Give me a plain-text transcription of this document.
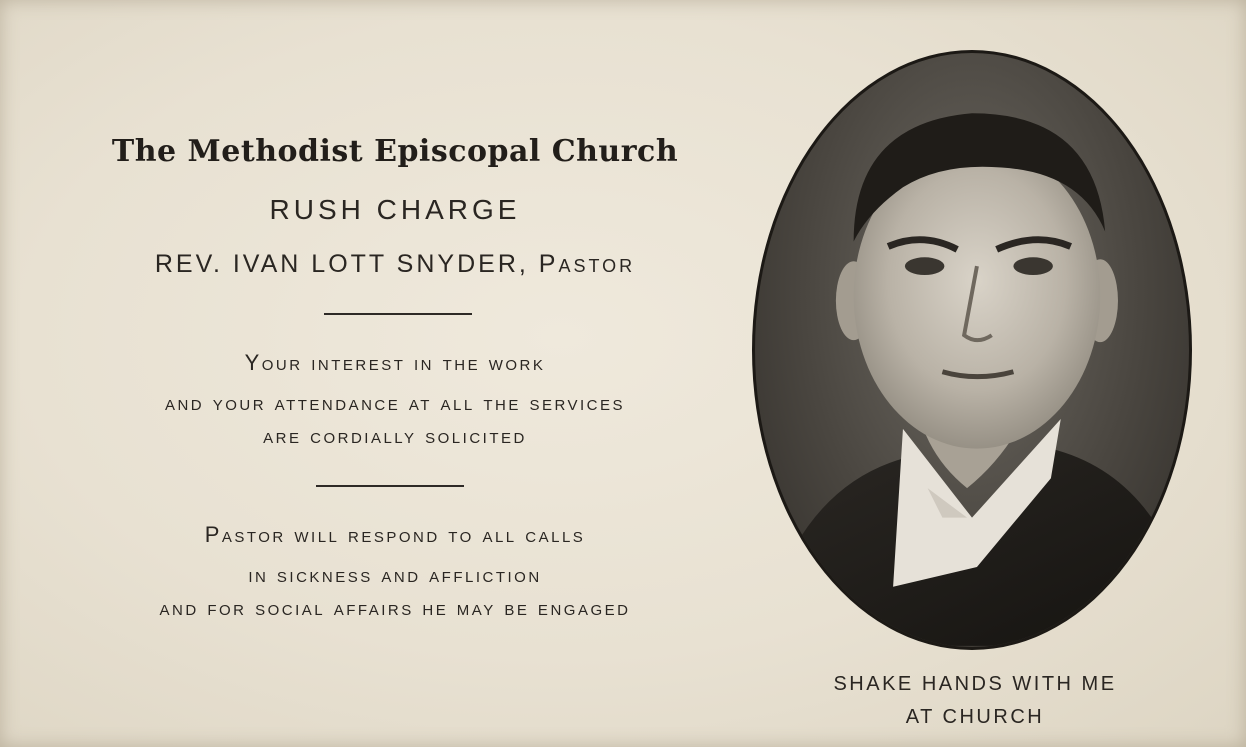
The Methodist Episcopal Church
RUSH CHARGE
REV. IVAN LOTT SNYDER, Pastor
Your interest in the work
and your attendance at all the services
are cordially solicited
Pastor will respond to all calls
in sickness and affliction
and for social affairs he may be engaged
SHAKE HANDS WITH ME
AT CHURCH
